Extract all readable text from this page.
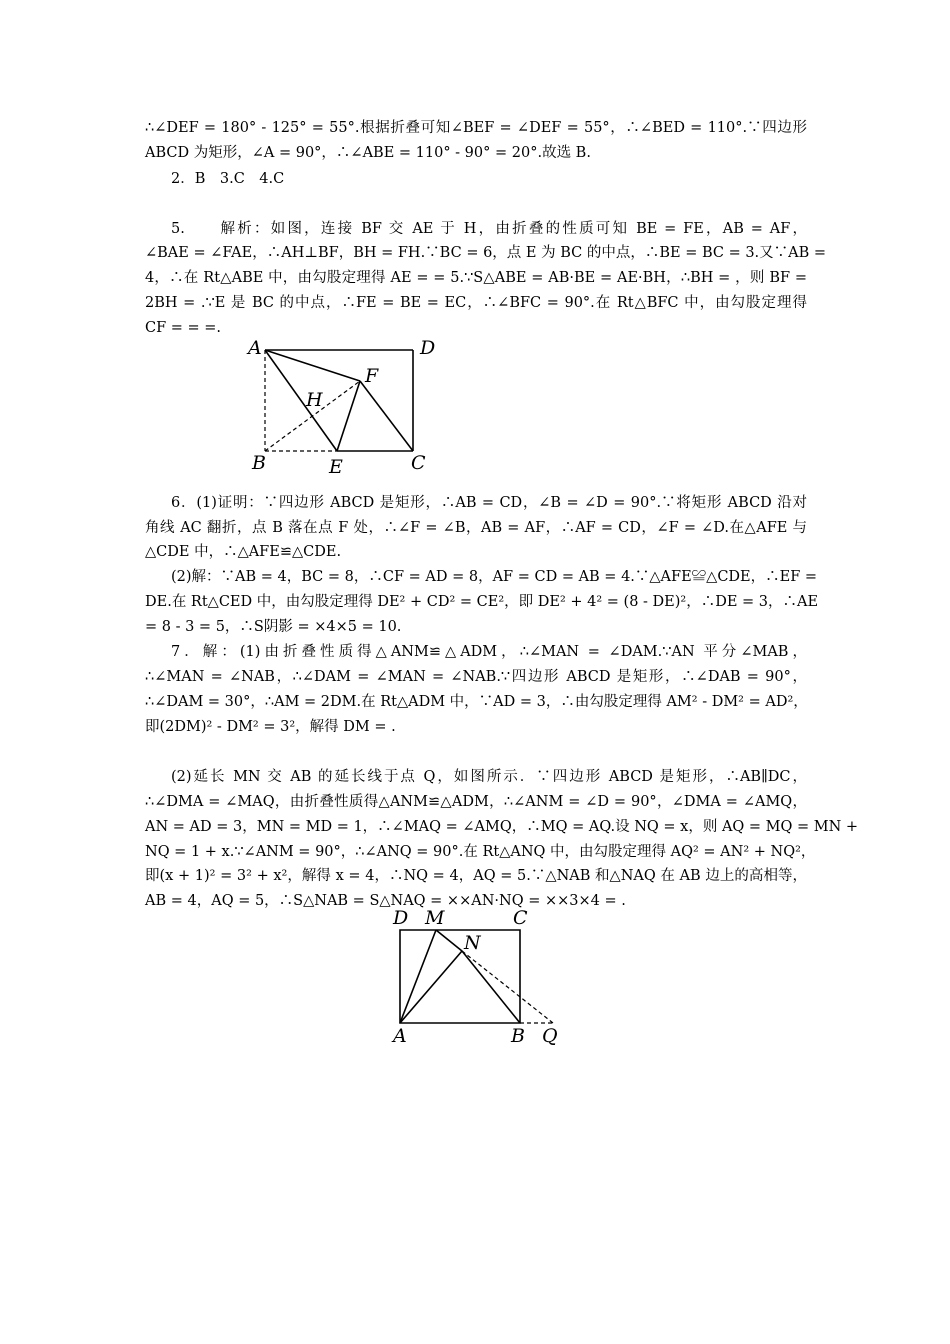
∴∠DEF = 180° - 125° = 55°.根据折叠可知∠BEF = ∠DEF = 55°，∴∠BED = 110°.∵四边形
ABCD 为矩形，∠A = 90°，∴∠ABE = 110° - 90° = 20°.故选 B.
2．B　3.C　4.C
5.　　解析：如图，连接 BF 交 AE 于 H，由折叠的性质可知 BE = FE，AB = AF，
∠BAE = ∠FAE，∴AH⊥BF，BH = FH.∵BC = 6，点 E 为 BC 的中点，∴BE = BC = 3.又∵AB =
4，∴在 Rt△ABE 中，由勾股定理得 AE = = 5.∵S△ABE = AB·BE = AE·BH，∴BH = ，则 BF =
2BH = .∵E 是 BC 的中点，∴FE = BE = EC，∴∠BFC = 90°.在 Rt△BFC 中，由勾股定理得
CF = = =.
A	D
F
H
B	E	C
6．(1)证明：∵四边形 ABCD 是矩形，∴AB = CD，∠B = ∠D = 90°.∵将矩形 ABCD 沿对
角线 AC 翻折，点 B 落在点 F 处，∴∠F = ∠B，AB = AF，∴AF = CD，∠F = ∠D.在△AFE 与
△CDE 中，∴△AFE≌△CDE.
(2)解：∵AB = 4，BC = 8，∴CF = AD = 8，AF = CD = AB = 4.∵△AFE≌△CDE，∴EF =
DE.在 Rt△CED 中，由勾股定理得 DE² + CD² = CE²，即 DE² + 4² = (8 - DE)²，∴DE = 3，∴AE
= 8 - 3 = 5，∴S阴影 = ×4×5 = 10.
7．解：(1)由折叠性质得△ANM≌△ADM，∴∠MAN = ∠DAM.∵AN 平分∠MAB，
∴∠MAN = ∠NAB，∴∠DAM = ∠MAN = ∠NAB.∵四边形 ABCD 是矩形，∴∠DAB = 90°，
∴∠DAM = 30°，∴AM = 2DM.在 Rt△ADM 中，∵AD = 3，∴由勾股定理得 AM² - DM² = AD²，
即(2DM)² - DM² = 3²，解得 DM = .
(2)延长 MN 交 AB 的延长线于点 Q，如图所示．∵四边形 ABCD 是矩形，∴AB∥DC，
∴∠DMA = ∠MAQ，由折叠性质得△ANM≌△ADM，∴∠ANM = ∠D = 90°，∠DMA = ∠AMQ，
AN = AD = 3，MN = MD = 1，∴∠MAQ = ∠AMQ，∴MQ = AQ.设 NQ = x，则 AQ = MQ = MN +
NQ = 1 + x.∵∠ANM = 90°，∴∠ANQ = 90°.在 Rt△ANQ 中，由勾股定理得 AQ² = AN² + NQ²，
即(x + 1)² = 3² + x²，解得 x = 4，∴NQ = 4，AQ = 5.∵△NAB 和△NAQ 在 AB 边上的高相等，
AB = 4，AQ = 5，∴S△NAB = S△NAQ = ××AN·NQ = ××3×4 = .
D M	C
N
A	B Q
